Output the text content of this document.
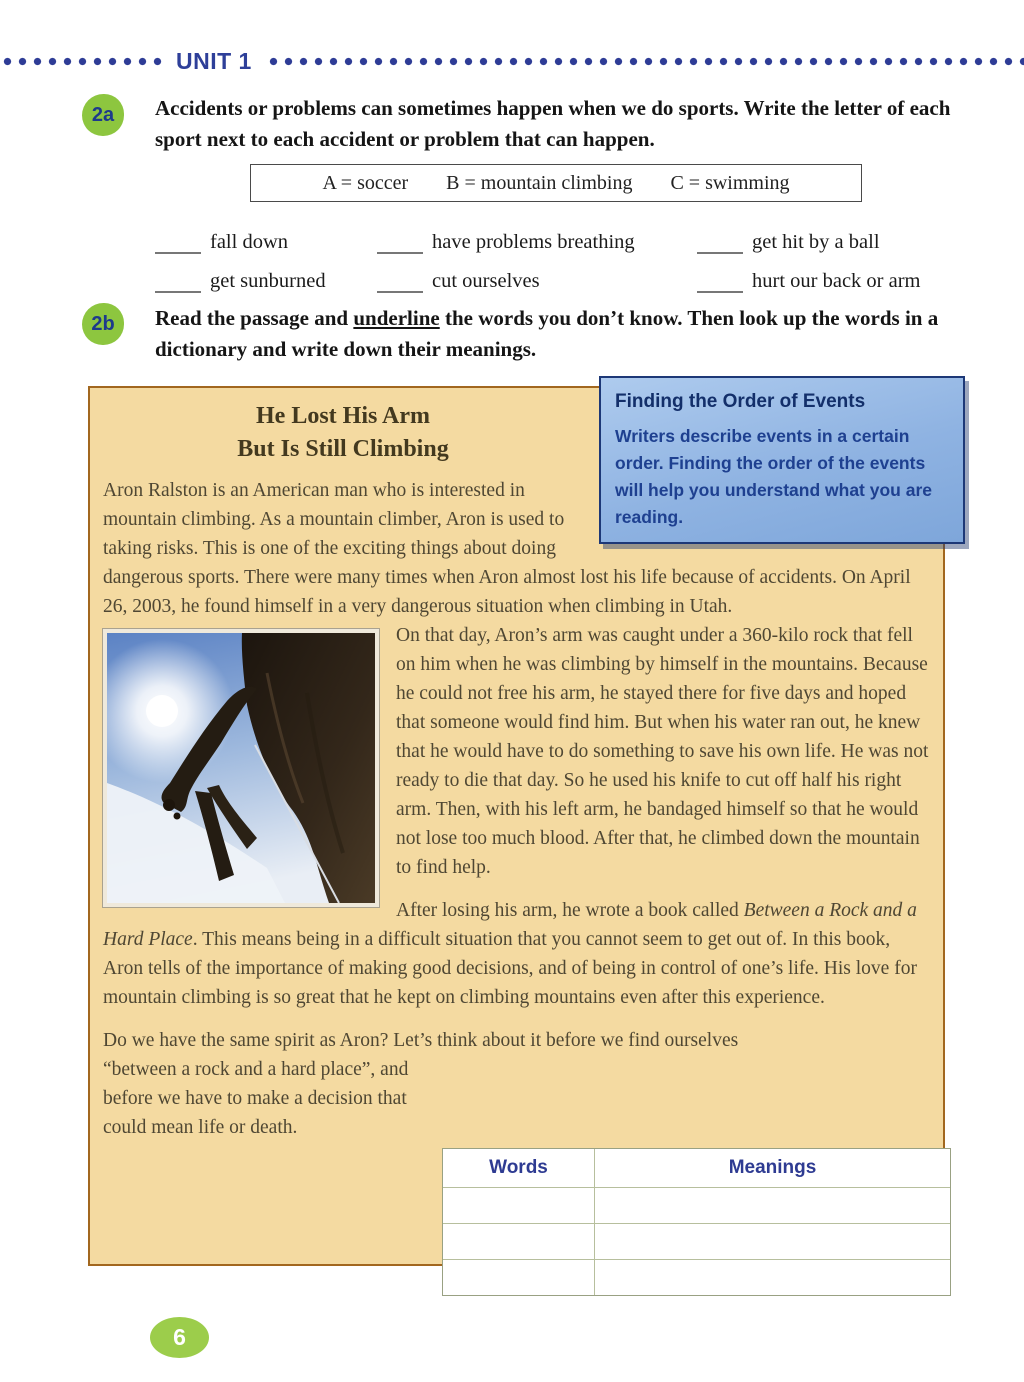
UNIT 1
2a	Accidents or problems can sometimes happen when we do sports. Write the letter of each sport next to each accident or problem that can happen.
A = soccer B = mountain climbing C = swimming
fall down	have problems breathing	get hit by a ball
get sunburned	cut ourselves	hurt our back or arm
2b	Read the passage and underline the words you don’t know. Then look up the words in a dictionary and write down their meanings.
Finding the Order of Events
Writers describe events in a certain order. Finding the order of the events will help you understand what you are reading.
He Lost His Arm
But Is Still Climbing

Aron Ralston is an American man who is interested in mountain climbing. As a mountain climber, Aron is used to taking risks. This is one of the exciting things about doing dangerous sports. There were many times when Aron almost lost his life because of accidents. On April 26, 2003, he found himself in a very dangerous situation when climbing in Utah.

On that day, Aron’s arm was caught under a 360-kilo rock that fell on him when he was climbing by himself in the mountains. Because he could not free his arm, he stayed there for five days and hoped that someone would find him. But when his water ran out, he knew that he would have to do something to save his own life. He was not ready to die that day. So he used his knife to cut off half his right arm. Then, with his left arm, he bandaged himself so that he would not lose too much blood. After that, he climbed down the mountain to find help.

After losing his arm, he wrote a book called Between a Rock and a Hard Place. This means being in a difficult situation that you cannot seem to get out of. In this book, Aron tells of the importance of making good decisions, and of being in control of one’s life. His love for mountain climbing is so great that he kept on climbing mountains even after this experience.

Do we have the same spirit as Aron? Let’s think about it before we find ourselves

“between a rock and a hard place”, and before we have to make a decision that could mean life or death.

Words	Meanings
6
